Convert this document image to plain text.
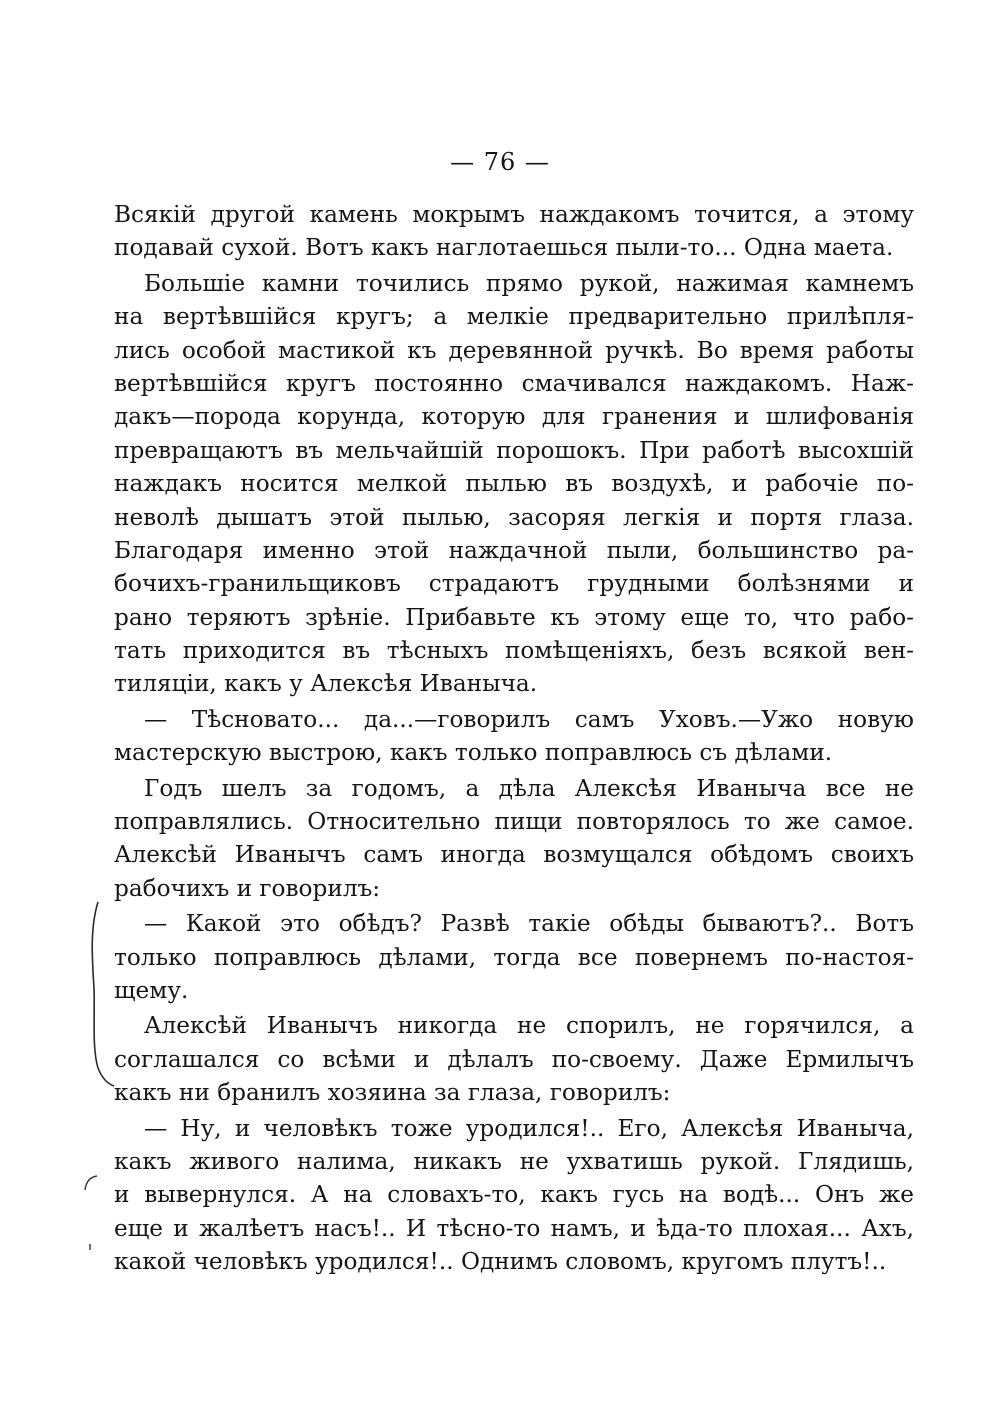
— 76 —
Всякій другой камень мокрымъ наждакомъ точится, а этому
подавай сухой. Вотъ какъ наглотаешься пыли-то... Одна маета.
Большіе камни точились прямо рукой, нажимая камнемъ
на вертѣвшійся кругъ; а мелкіе предварительно прилѣпля-
лись особой мастикой къ деревянной ручкѣ. Во время работы
вертѣвшійся кругъ постоянно смачивался наждакомъ. Наж-
дакъ—порода корунда, которую для гранения и шлифованія
превращаютъ въ мельчайшій порошокъ. При работѣ высохшій
наждакъ носится мелкой пылью въ воздухѣ, и рабочіе по-
неволѣ дышатъ этой пылью, засоряя легкія и портя глаза.
Благодаря именно этой наждачной пыли, большинство ра-
бочихъ-гранильщиковъ страдаютъ грудными болѣзнями и
рано теряютъ зрѣніе. Прибавьте къ этому еще то, что рабо-
тать приходится въ тѣсныхъ помѣщеніяхъ, безъ всякой вен-
тиляціи, какъ у Алексѣя Иваныча.
— Тѣсновато... да...—говорилъ самъ Уховъ.—Ужо новую
мастерскую выстрою, какъ только поправлюсь съ дѣлами.
Годъ шелъ за годомъ, а дѣла Алексѣя Иваныча все не
поправлялись. Относительно пищи повторялось то же самое.
Алексѣй Иванычъ самъ иногда возмущался обѣдомъ своихъ
рабочихъ и говорилъ:
— Какой это обѣдъ? Развѣ такіе обѣды бываютъ?.. Вотъ
только поправлюсь дѣлами, тогда все повернемъ по-настоя-
щему.
Алексѣй Иванычъ никогда не спорилъ, не горячился, а
соглашался со всѣми и дѣлалъ по-своему. Даже Ермилычъ
какъ ни бранилъ хозяина за глаза, говорилъ:
— Ну, и человѣкъ тоже уродился!.. Его, Алексѣя Иваныча,
какъ живого налима, никакъ не ухватишь рукой. Глядишь,
и вывернулся. А на словахъ-то, какъ гусь на водѣ... Онъ же
еще и жалѣетъ насъ!.. И тѣсно-то намъ, и ѣда-то плохая... Ахъ,
какой человѣкъ уродился!.. Однимъ словомъ, кругомъ плутъ!..
